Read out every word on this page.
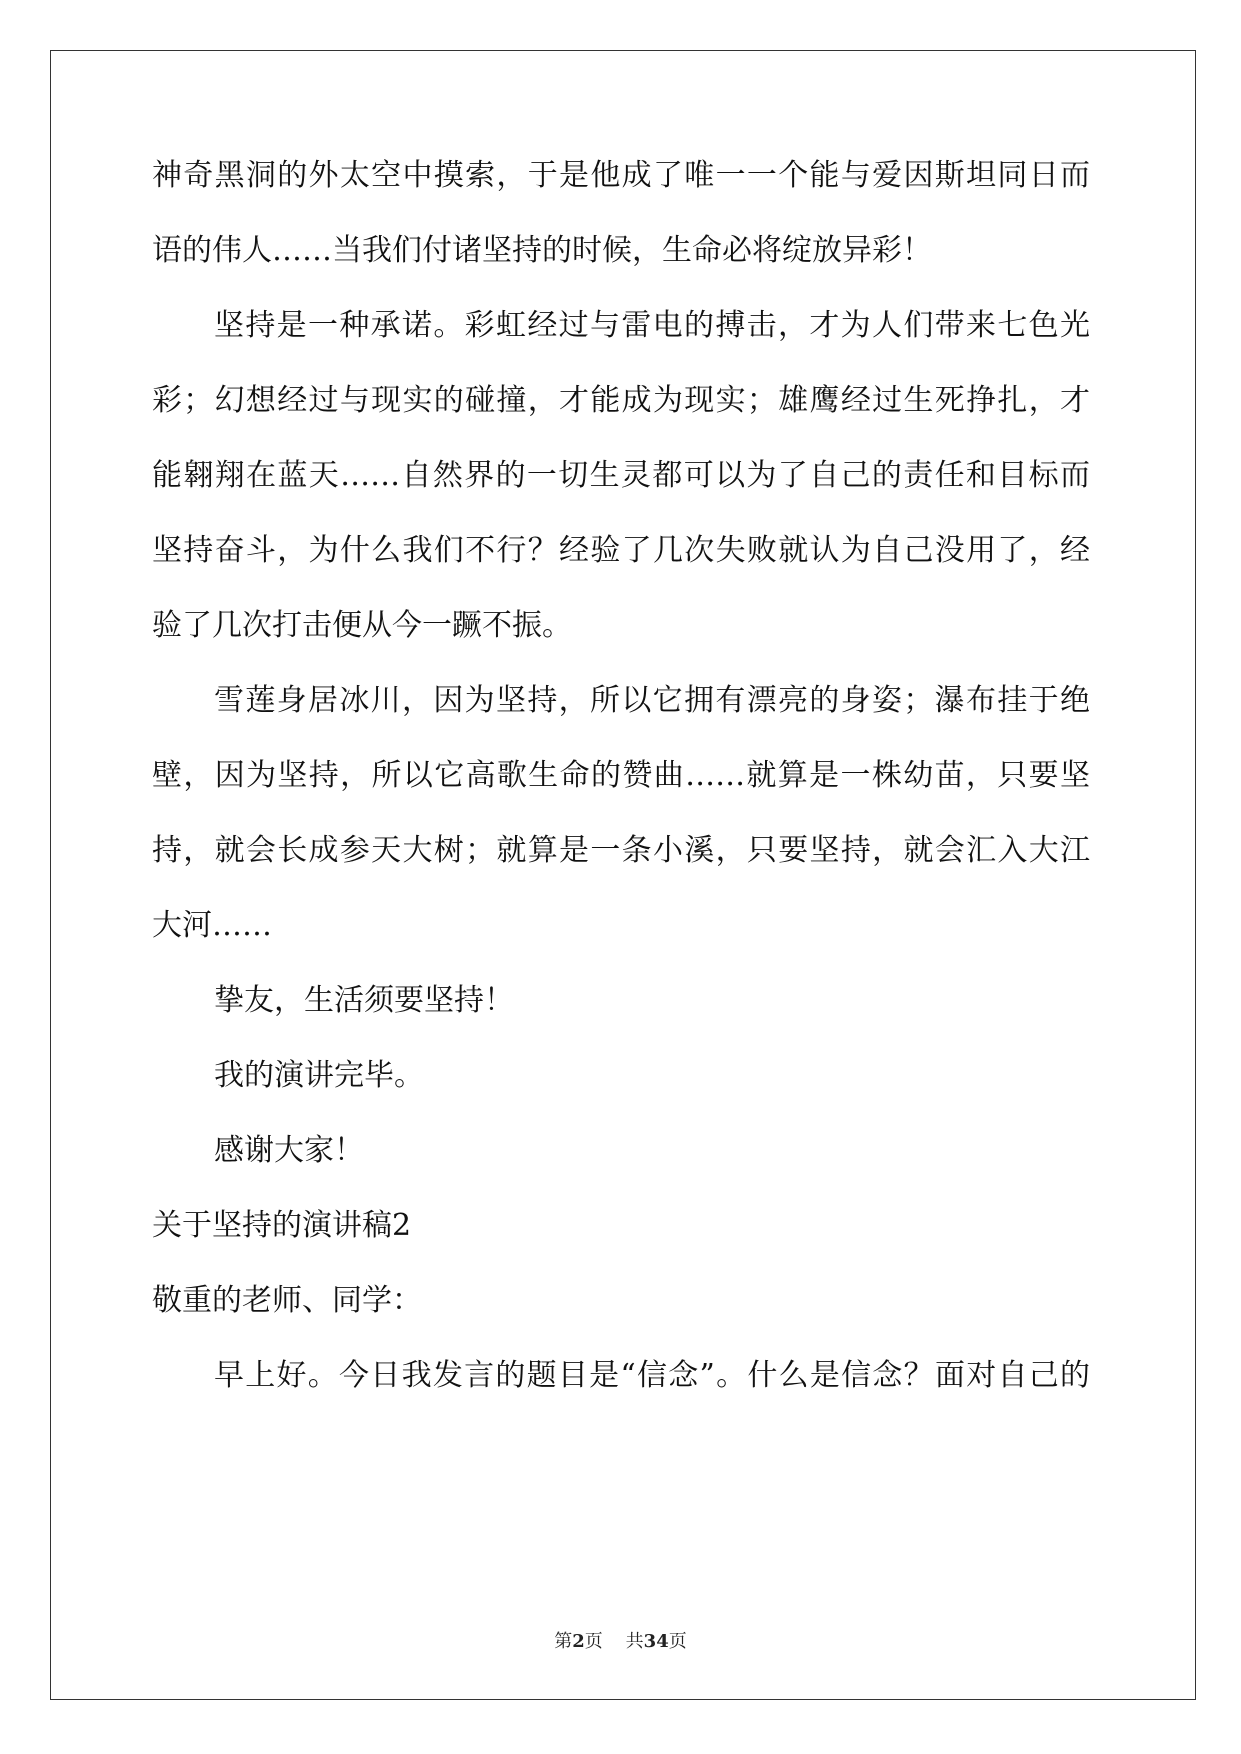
神奇黑洞的外太空中摸索，于是他成了唯一一个能与爱因斯坦同日而
语的伟人……当我们付诸坚持的时候，生命必将绽放异彩！
坚持是一种承诺。彩虹经过与雷电的搏击，才为人们带来七色光
彩；幻想经过与现实的碰撞，才能成为现实；雄鹰经过生死挣扎，才
能翱翔在蓝天……自然界的一切生灵都可以为了自己的责任和目标而
坚持奋斗，为什么我们不行？经验了几次失败就认为自己没用了，经
验了几次打击便从今一蹶不振。
雪莲身居冰川，因为坚持，所以它拥有漂亮的身姿；瀑布挂于绝
壁，因为坚持，所以它高歌生命的赞曲……就算是一株幼苗，只要坚
持，就会长成参天大树；就算是一条小溪，只要坚持，就会汇入大江
大河……
挚友，生活须要坚持！
我的演讲完毕。
感谢大家！
关于坚持的演讲稿2
敬重的老师、同学：
早上好。今日我发言的题目是“信念”。什么是信念？面对自己的
第2页 共34页
